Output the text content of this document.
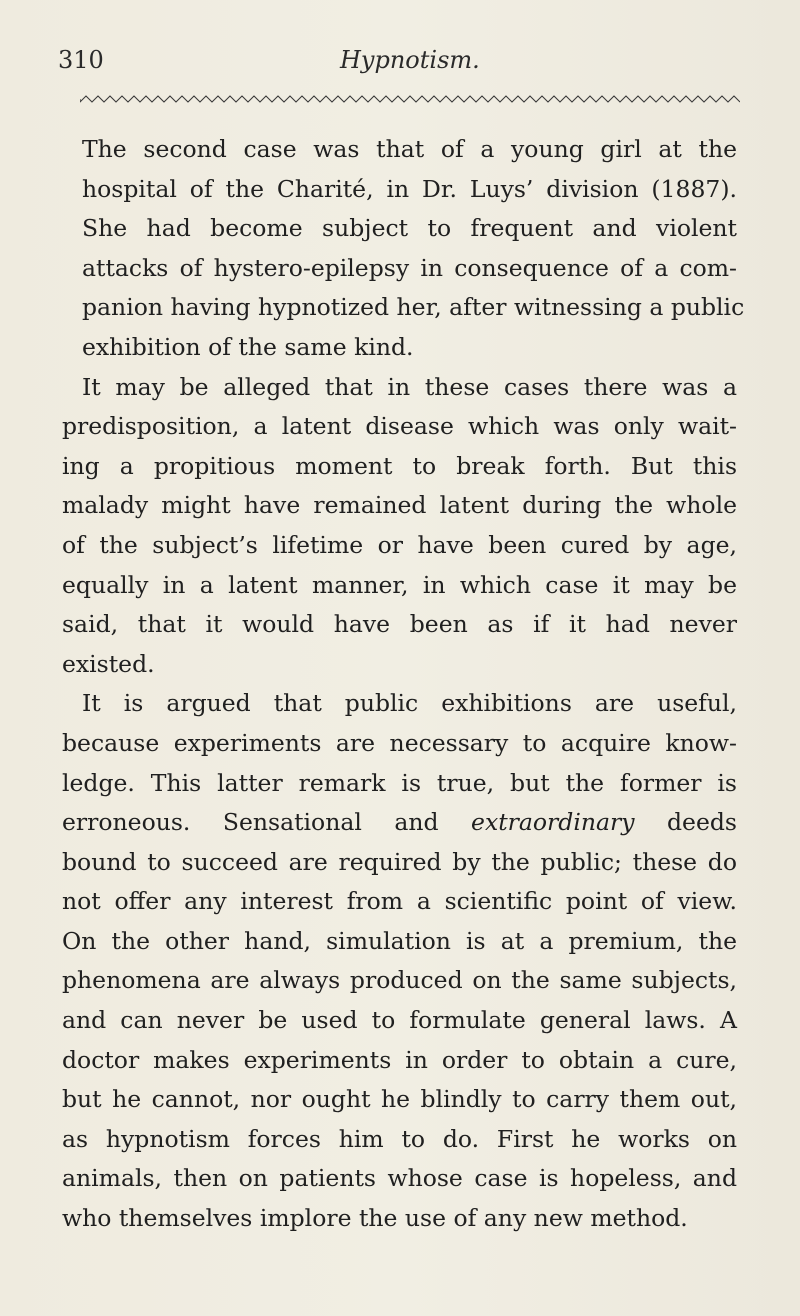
310	Hypnotism.

The second case was that of a young girl at the
hospital of the Charité, in Dr. Luys’ division (1887).
She had become subject to frequent and violent
attacks of hystero-epilepsy in consequence of a com-
panion having hypnotized her, after witnessing a public
exhibition of the same kind.

It may be alleged that in these cases there was a
predisposition, a latent disease which was only wait-
ing a propitious moment to break forth. But this
malady might have remained latent during the whole
of the subject’s lifetime or have been cured by age,
equally in a latent manner, in which case it may be
said, that it would have been as if it had never
existed.

It is argued that public exhibitions are useful,
because experiments are necessary to acquire know-
ledge. This latter remark is true, but the former is
erroneous. Sensational and extraordinary deeds
bound to succeed are required by the public; these do
not offer any interest from a scientific point of view.
On the other hand, simulation is at a premium, the
phenomena are always produced on the same subjects,
and can never be used to formulate general laws. A
doctor makes experiments in order to obtain a cure,
but he cannot, nor ought he blindly to carry them out,
as hypnotism forces him to do. First he works on
animals, then on patients whose case is hopeless, and
who themselves implore the use of any new method.
